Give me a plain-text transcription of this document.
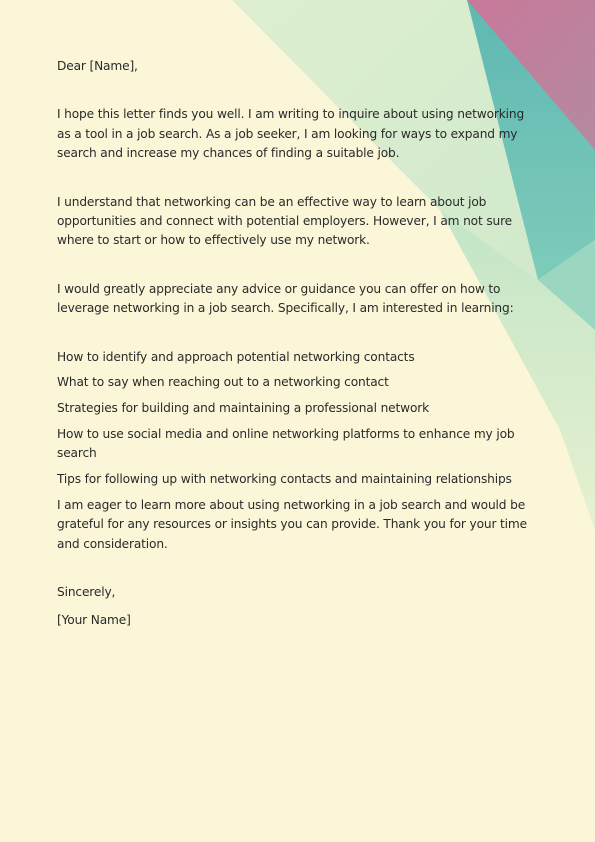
Dear [Name],

I hope this letter finds you well. I am writing to inquire about using networking as a tool in a job search. As a job seeker, I am looking for ways to expand my search and increase my chances of finding a suitable job.

I understand that networking can be an effective way to learn about job opportunities and connect with potential employers. However, I am not sure where to start or how to effectively use my network.

I would greatly appreciate any advice or guidance you can offer on how to leverage networking in a job search. Specifically, I am interested in learning:

How to identify and approach potential networking contacts
What to say when reaching out to a networking contact
Strategies for building and maintaining a professional network
How to use social media and online networking platforms to enhance my job search
Tips for following up with networking contacts and maintaining relationships

I am eager to learn more about using networking in a job search and would be grateful for any resources or insights you can provide. Thank you for your time and consideration.

Sincerely,

[Your Name]
